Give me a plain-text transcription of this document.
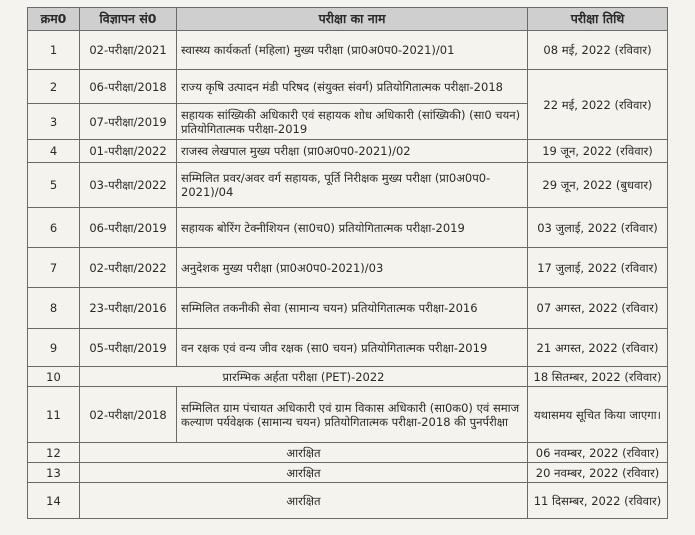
क्रम0	विज्ञापन सं0	परीक्षा का नाम	परीक्षा तिथि
1	02-परीक्षा/2021	स्वास्थ्य कार्यकर्ता (महिला) मुख्य परीक्षा (प्रा0अ0प0-2021)/01	08 मई, 2022 (रविवार)
2	06-परीक्षा/2018	राज्य कृषि उत्पादन मंडी परिषद (संयुक्त संवर्ग) प्रतियोगितात्मक परीक्षा-2018	22 मई, 2022 (रविवार)
3	07-परीक्षा/2019	सहायक सांख्यिकी अधिकारी एवं सहायक शोध अधिकारी (सांख्यिकी) (सा0 चयन) प्रतियोगितात्मक परीक्षा-2019	
4	01-परीक्षा/2022	राजस्व लेखपाल मुख्य परीक्षा (प्रा0अ0प0-2021)/02	19 जून, 2022 (रविवार)
5	03-परीक्षा/2022	सम्मिलित प्रवर/अवर वर्ग सहायक, पूर्ति निरीक्षक मुख्य परीक्षा (प्रा0अ0प0-2021)/04	29 जून, 2022 (बुधवार)
6	06-परीक्षा/2019	सहायक बोरिंग टेक्नीशियन (सा0च0) प्रतियोगितात्मक परीक्षा-2019	03 जुलाई, 2022 (रविवार)
7	02-परीक्षा/2022	अनुदेशक मुख्य परीक्षा (प्रा0अ0प0-2021)/03	17 जुलाई, 2022 (रविवार)
8	23-परीक्षा/2016	सम्मिलित तकनीकी सेवा (सामान्य चयन) प्रतियोगितात्मक परीक्षा-2016	07 अगस्त, 2022 (रविवार)
9	05-परीक्षा/2019	वन रक्षक एवं वन्य जीव रक्षक (सा0 चयन) प्रतियोगितात्मक परीक्षा-2019	21 अगस्त, 2022 (रविवार)
10	प्रारम्भिक अर्हता परीक्षा (PET)-2022		18 सितम्बर, 2022 (रविवार)
11	02-परीक्षा/2018	सम्मिलित ग्राम पंचायत अधिकारी एवं ग्राम विकास अधिकारी (सा0क0) एवं समाज कल्याण पर्यवेक्षक (सामान्य चयन) प्रतियोगितात्मक परीक्षा-2018 की पुनर्परीक्षा	यथासमय सूचित किया जाएगा।
12	आरक्षित		06 नवम्बर, 2022 (रविवार)
13	आरक्षित		20 नवम्बर, 2022 (रविवार)
14	आरक्षित		11 दिसम्बर, 2022 (रविवार)
